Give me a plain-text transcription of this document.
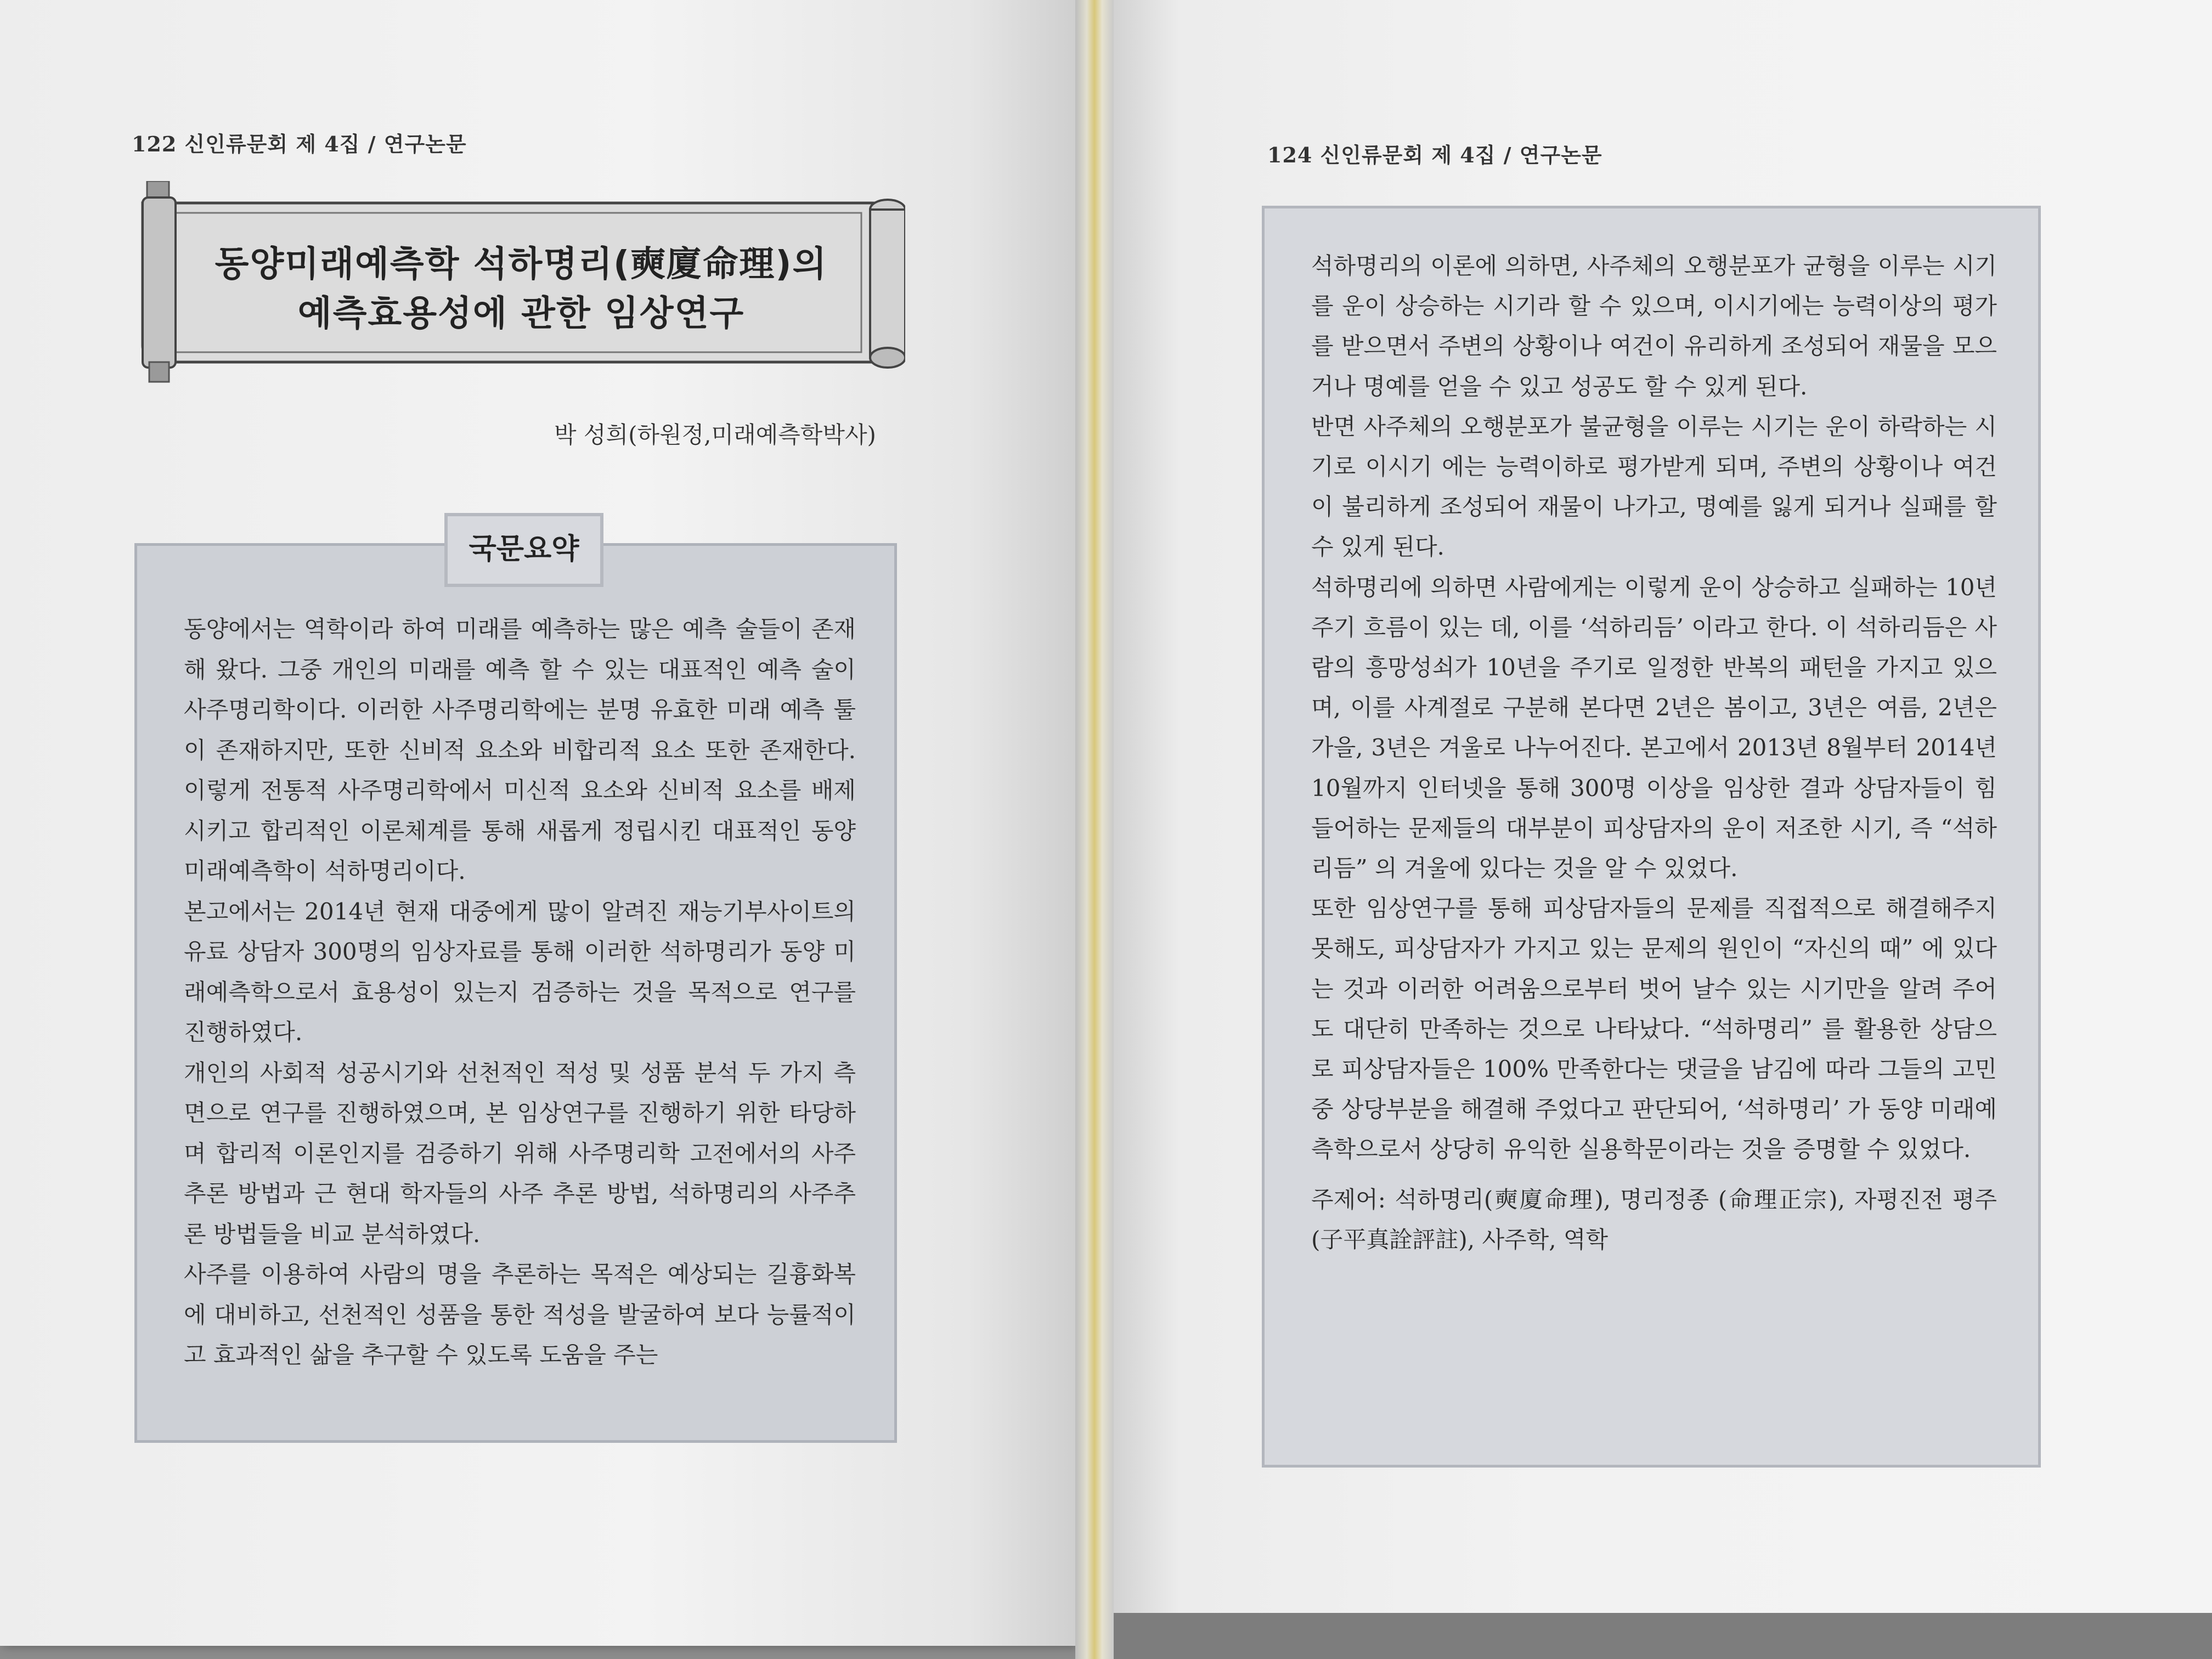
122 신인류문회 제 4집 / 연구논문
동양미래예측학 석하명리(奭廈命理)의
예측효용성에 관한 임상연구
박 성희(하원정,미래예측학박사)

동양에서는 역학이라 하여 미래를 예측하는 많은 예측 술들이 존재해 왔다. 그중 개인의 미래를 예측 할 수 있는 대표적인 예측 술이 사주명리학이다. 이러한 사주명리학에는 분명 유효한 미래 예측 툴이 존재하지만, 또한 신비적 요소와 비합리적 요소 또한 존재한다. 이렇게 전통적 사주명리학에서 미신적 요소와 신비적 요소를 배제시키고 합리적인 이론체계를 통해 새롭게 정립시킨 대표적인 동양 미래예측학이 석하명리이다.

본고에서는 2014년 현재 대중에게 많이 알려진 재능기부사이트의 유료 상담자 300명의 임상자료를 통해 이러한 석하명리가 동양 미래예측학으로서 효용성이 있는지 검증하는 것을 목적으로 연구를 진행하였다.

개인의 사회적 성공시기와 선천적인 적성 및 성품 분석 두 가지 측면으로 연구를 진행하였으며, 본 임상연구를 진행하기 위한 타당하며 합리적 이론인지를 검증하기 위해 사주명리학 고전에서의 사주추론 방법과 근 현대 학자들의 사주 추론 방법, 석하명리의 사주추론 방법들을 비교 분석하였다.

사주를 이용하여 사람의 명을 추론하는 목적은 예상되는 길흉화복에 대비하고, 선천적인 성품을 통한 적성을 발굴하여 보다 능률적이고 효과적인 삶을 추구할 수 있도록 도움을 주는

국문요약
124 신인류문회 제 4집 / 연구논문

석하명리의 이론에 의하면, 사주체의 오행분포가 균형을 이루는 시기를 운이 상승하는 시기라 할 수 있으며, 이시기에는 능력이상의 평가를 받으면서 주변의 상황이나 여건이 유리하게 조성되어 재물을 모으거나 명예를 얻을 수 있고 성공도 할 수 있게 된다.

반면 사주체의 오행분포가 불균형을 이루는 시기는 운이 하락하는 시기로 이시기 에는 능력이하로 평가받게 되며, 주변의 상황이나 여건이 불리하게 조성되어 재물이 나가고, 명예를 잃게 되거나 실패를 할 수 있게 된다.

석하명리에 의하면 사람에게는 이렇게 운이 상승하고 실패하는 10년주기 흐름이 있는 데, 이를 ‘석하리듬’ 이라고 한다. 이 석하리듬은 사람의 흥망성쇠가 10년을 주기로 일정한 반복의 패턴을 가지고 있으며, 이를 사계절로 구분해 본다면 2년은 봄이고, 3년은 여름, 2년은 가을, 3년은 겨울로 나누어진다. 본고에서 2013년 8월부터 2014년 10월까지 인터넷을 통해 300명 이상을 임상한 결과 상담자들이 힘들어하는 문제들의 대부분이 피상담자의 운이 저조한 시기, 즉 “석하리듬” 의 겨울에 있다는 것을 알 수 있었다.

또한 임상연구를 통해 피상담자들의 문제를 직접적으로 해결해주지 못해도, 피상담자가 가지고 있는 문제의 원인이 “자신의 때” 에 있다는 것과 이러한 어려움으로부터 벗어 날수 있는 시기만을 알려 주어도 대단히 만족하는 것으로 나타났다. “석하명리” 를 활용한 상담으로 피상담자들은 100% 만족한다는 댓글을 남김에 따라 그들의 고민 중 상당부분을 해결해 주었다고 판단되어, ‘석하명리’ 가 동양 미래예측학으로서 상당히 유익한 실용학문이라는 것을 증명할 수 있었다.

주제어: 석하명리(奭廈命理), 명리정종 (命理正宗), 자평진전 평주(子平真詮評註), 사주학, 역학
